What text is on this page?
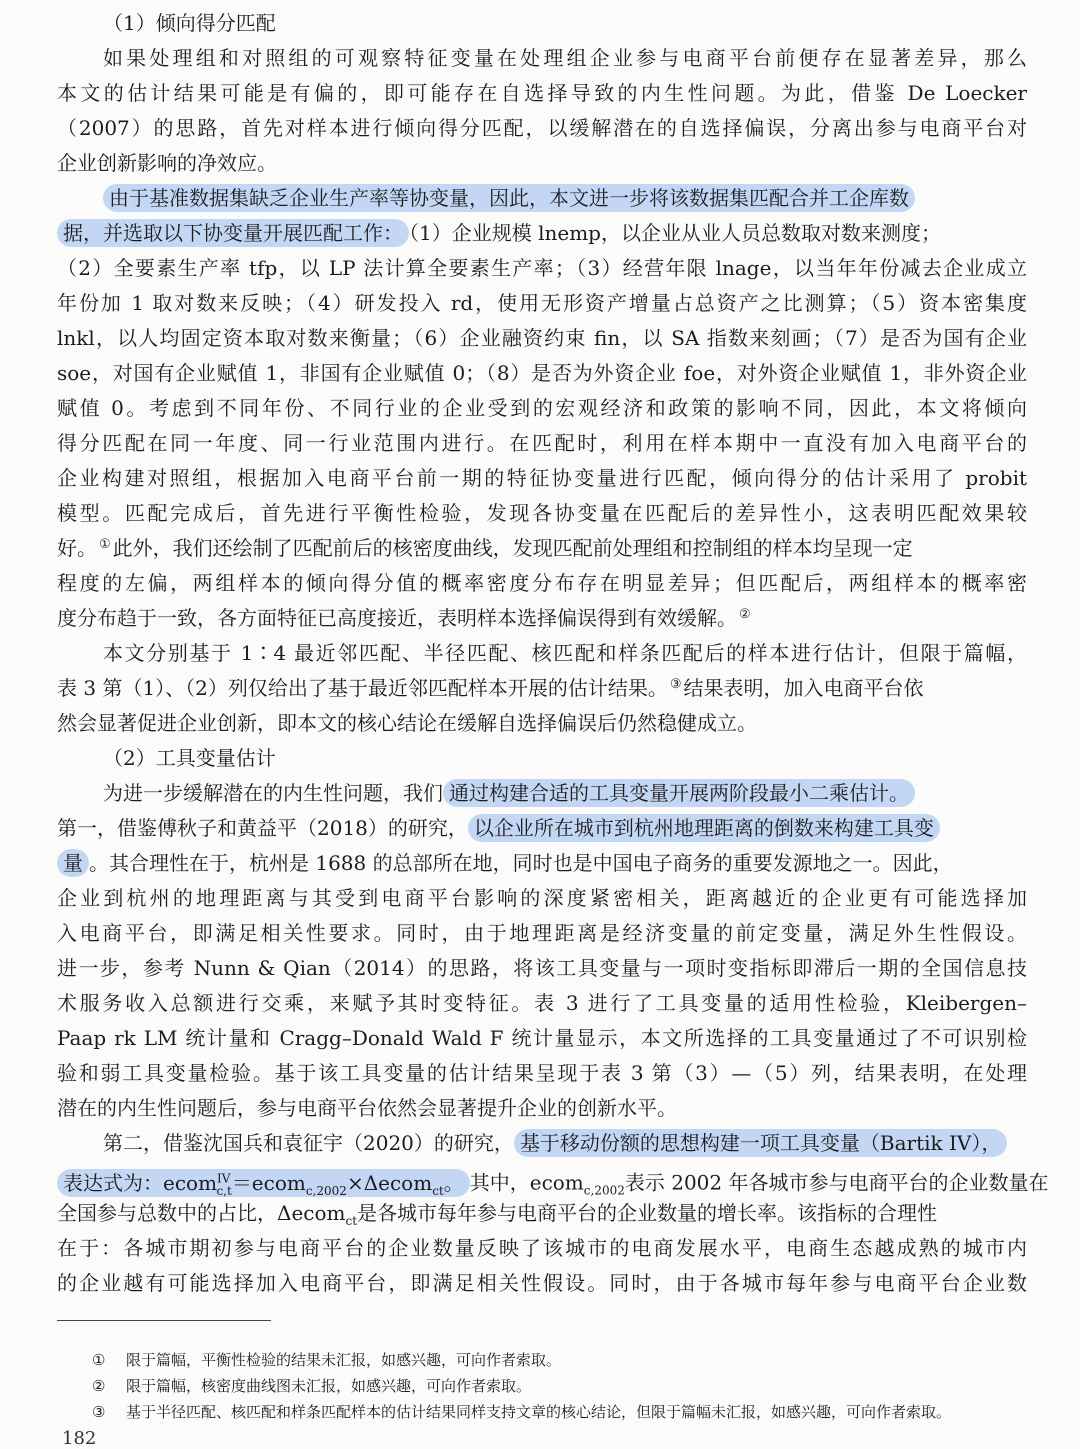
（1）倾向得分匹配
如果处理组和对照组的可观察特征变量在处理组企业参与电商平台前便存在显著差异，那么
本文的估计结果可能是有偏的，即可能存在自选择导致的内生性问题。为此，借鉴 De Loecker
（2007）的思路，首先对样本进行倾向得分匹配，以缓解潜在的自选择偏误，分离出参与电商平台对
企业创新影响的净效应。
由于基准数据集缺乏企业生产率等协变量，因此，本文进一步将该数据集匹配合并工企库数
据，并选取以下协变量开展匹配工作： （1）企业规模 lnemp，以企业从业人员总数取对数来测度；
（2）全要素生产率 tfp，以 LP 法计算全要素生产率；（3）经营年限 lnage，以当年年份减去企业成立
年份加 1 取对数来反映；（4）研发投入 rd，使用无形资产增量占总资产之比测算；（5）资本密集度
lnkl，以人均固定资本取对数来衡量；（6）企业融资约束 fin，以 SA 指数来刻画；（7）是否为国有企业
soe，对国有企业赋值 1，非国有企业赋值 0；（8）是否为外资企业 foe，对外资企业赋值 1，非外资企业
赋值 0。考虑到不同年份、不同行业的企业受到的宏观经济和政策的影响不同，因此，本文将倾向
得分匹配在同一年度、同一行业范围内进行。在匹配时，利用在样本期中一直没有加入电商平台的
企业构建对照组，根据加入电商平台前一期的特征协变量进行匹配，倾向得分的估计采用了 probit
模型。匹配完成后，首先进行平衡性检验，发现各协变量在匹配后的差异性小，这表明匹配效果较
好。 ① 此外，我们还绘制了匹配前后的核密度曲线，发现匹配前处理组和控制组的样本均呈现一定
程度的左偏，两组样本的倾向得分值的概率密度分布存在明显差异；但匹配后，两组样本的概率密
度分布趋于一致，各方面特征已高度接近，表明样本选择偏误得到有效缓解。 ②
本文分别基于 1∶4 最近邻匹配、半径匹配、核匹配和样条匹配后的样本进行估计，但限于篇幅，
表 3 第（1）、（2）列仅给出了基于最近邻匹配样本开展的估计结果。 ③ 结果表明，加入电商平台依
然会显著促进企业创新，即本文的核心结论在缓解自选择偏误后仍然稳健成立。
（2）工具变量估计
为进一步缓解潜在的内生性问题，我们 通过构建合适的工具变量开展两阶段最小二乘估计。
第一，借鉴傅秋子和黄益平（2018）的研究， 以企业所在城市到杭州地理距离的倒数来构建工具变
量 。其合理性在于，杭州是 1688 的总部所在地，同时也是中国电子商务的重要发源地之一。因此，
企业到杭州的地理距离与其受到电商平台影响的深度紧密相关，距离越近的企业更有可能选择加
入电商平台，即满足相关性要求。同时，由于地理距离是经济变量的前定变量，满足外生性假设。
进一步，参考 Nunn & Qian（2014）的思路，将该工具变量与一项时变指标即滞后一期的全国信息技
术服务收入总额进行交乘，来赋予其时变特征。表 3 进行了工具变量的适用性检验，Kleibergen–
Paap rk LM 统计量和 Cragg–Donald Wald F 统计量显示，本文所选择的工具变量通过了不可识别检
验和弱工具变量检验。基于该工具变量的估计结果呈现于表 3 第（3）—（5）列，结果表明，在处理
潜在的内生性问题后，参与电商平台依然会显著提升企业的创新水平。
第二，借鉴沈国兵和袁征宇（2020）的研究， 基于移动份额的思想构建一项工具变量（Bartik IV），
表达式为：ecom$^{IV}_{c,t}$＝ecom$_{c,2002}$×Δecom$_{ct}$。 其中，ecom$_{c,2002}$表示 2002 年各城市参与电商平台的企业数量在
全国参与总数中的占比，Δecom$_{ct}$是各城市每年参与电商平台的企业数量的增长率。该指标的合理性
在于：各城市期初参与电商平台的企业数量反映了该城市的电商发展水平，电商生态越成熟的城市内
的企业越有可能选择加入电商平台，即满足相关性假设。同时，由于各城市每年参与电商平台企业数
① 限于篇幅，平衡性检验的结果未汇报，如感兴趣，可向作者索取。
② 限于篇幅，核密度曲线图未汇报，如感兴趣，可向作者索取。
③ 基于半径匹配、核匹配和样条匹配样本的估计结果同样支持文章的核心结论，但限于篇幅未汇报，如感兴趣，可向作者索取。
182
